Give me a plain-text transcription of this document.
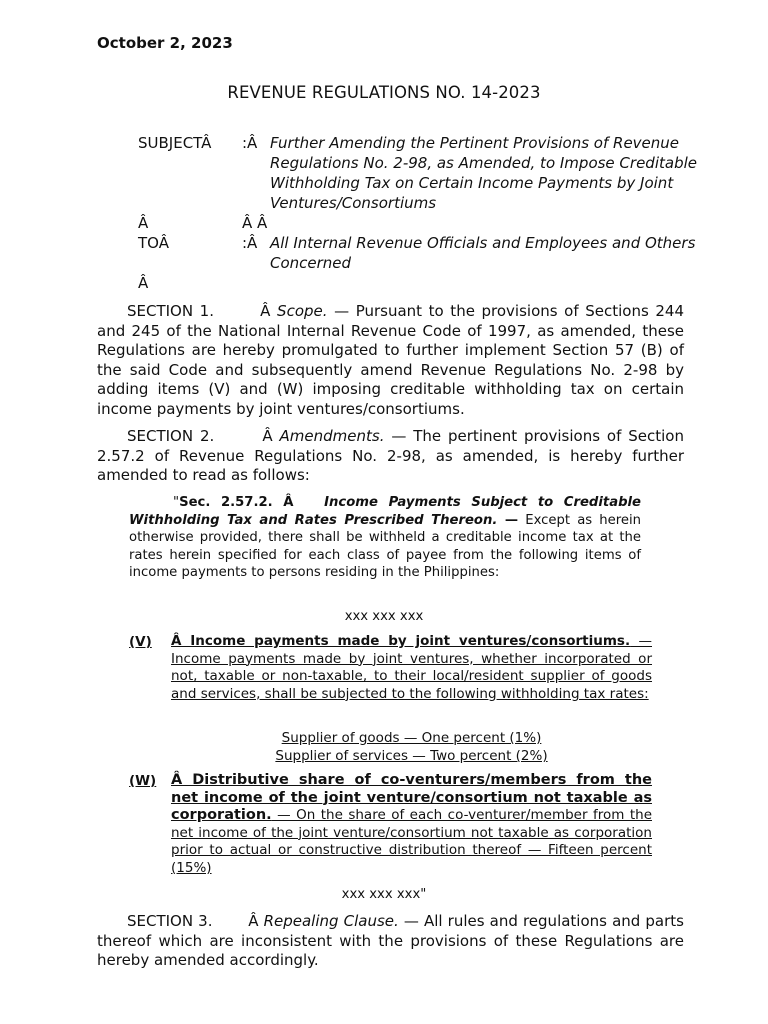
October 2, 2023
REVENUE REGULATIONS NO. 14-2023
SUBJECTÂ	:Â Further Amending the Pertinent Provisions of Revenue Regulations No. 2-98, as Amended, to Impose Creditable Withholding Tax on Certain Income Payments by Joint Ventures/Consortiums
Â	Â Â
TOÂ	:Â All Internal Revenue Officials and Employees and Others Concerned
Â
SECTION 1.	Â Scope. — Pursuant to the provisions of Sections 244 and 245 of the National Internal Revenue Code of 1997, as amended, these Regulations are hereby promulgated to further implement Section 57 (B) of the said Code and subsequently amend Revenue Regulations No. 2-98 by adding items (V) and (W) imposing creditable withholding tax on certain income payments by joint ventures/consortiums.
SECTION 2.	Â Amendments. — The pertinent provisions of Section 2.57.2 of Revenue Regulations No. 2-98, as amended, is hereby further amended to read as follows:
"Sec. 2.57.2. Â Income Payments Subject to Creditable Withholding Tax and Rates Prescribed Thereon. — Except as herein otherwise provided, there shall be withheld a creditable income tax at the rates herein specified for each class of payee from the following items of income payments to persons residing in the Philippines:
xxx xxx xxx
(V) Â Income payments made by joint ventures/consortiums. — Income payments made by joint ventures, whether incorporated or not, taxable or non-taxable, to their local/resident supplier of goods and services, shall be subjected to the following withholding tax rates:
Supplier of goods — One percent (1%)
Supplier of services — Two percent (2%)
(W) Â Distributive share of co-venturers/members from the net income of the joint venture/consortium not taxable as corporation. — On the share of each co-venturer/member from the net income of the joint venture/consortium not taxable as corporation prior to actual or constructive distribution thereof — Fifteen percent (15%)
xxx xxx xxx"
SECTION 3. Â Repealing Clause. — All rules and regulations and parts thereof which are inconsistent with the provisions of these Regulations are hereby amended accordingly.
